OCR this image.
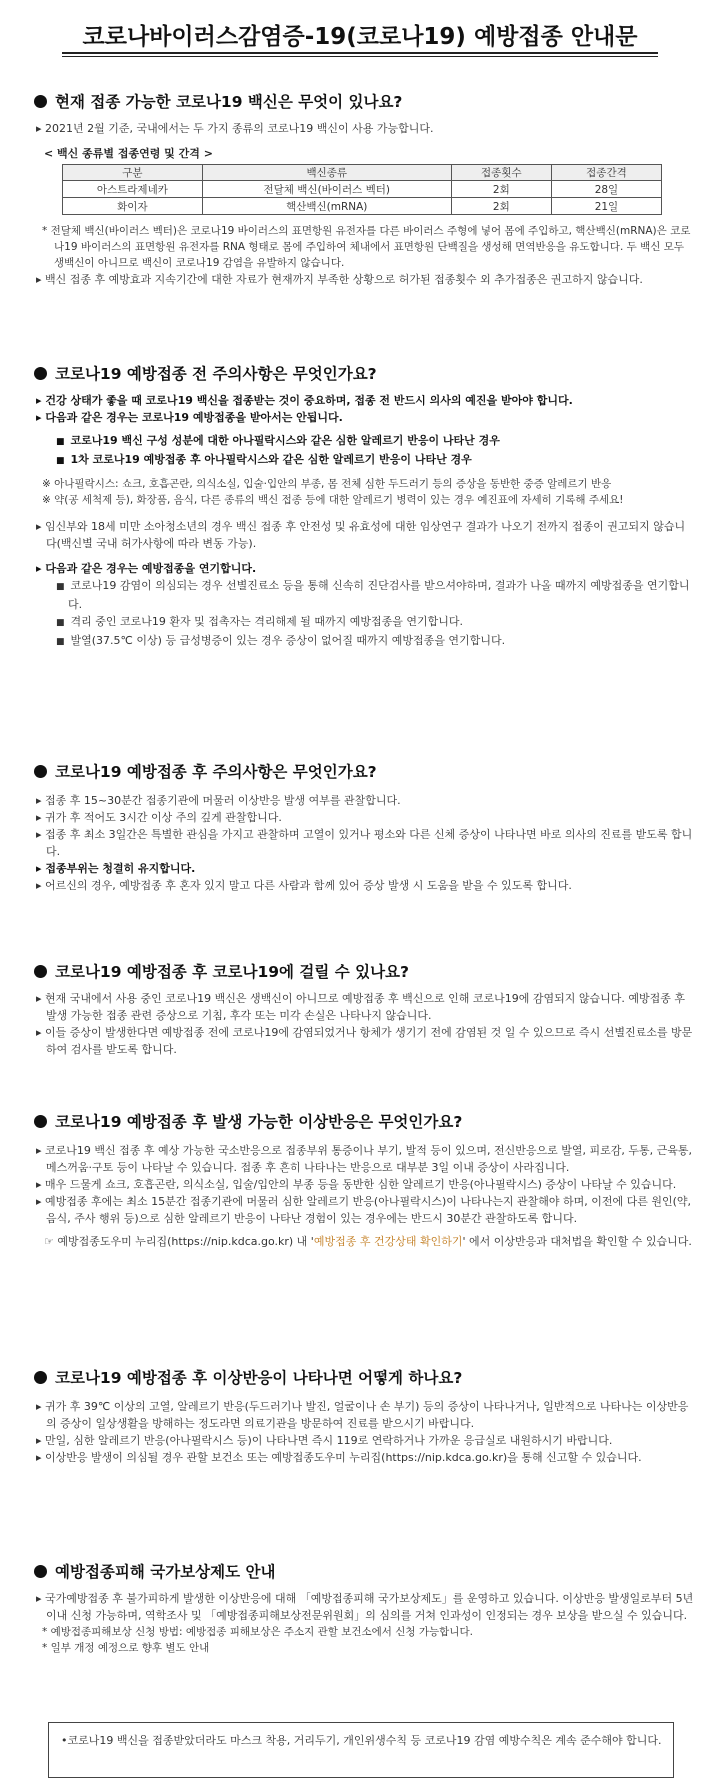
코로나바이러스감염증-19(코로나19) 예방접종 안내문
현재 접종 가능한 코로나19 백신은 무엇이 있나요?

▸ 2021년 2월 기준, 국내에서는 두 가지 종류의 코로나19 백신이 사용 가능합니다.

< 백신 종류별 접종연령 및 간격 >
구분	백신종류	접종횟수	접종간격
아스트라제네카	전달체 백신(바이러스 벡터)	2회	28일
화이자	핵산백신(mRNA)	2회	21일

* 전달체 백신(바이러스 벡터)은 코로나19 바이러스의 표면항원 유전자를 다른 바이러스 주형에 넣어 몸에 주입하고, 핵산백신(mRNA)은 코로나19 바이러스의 표면항원 유전자를 RNA 형태로 몸에 주입하여 체내에서 표면항원 단백질을 생성해 면역반응을 유도합니다. 두 백신 모두 생백신이 아니므로 백신이 코로나19 감염을 유발하지 않습니다.

▸ 백신 접종 후 예방효과 지속기간에 대한 자료가 현재까지 부족한 상황으로 허가된 접종횟수 외 추가접종은 권고하지 않습니다.

코로나19 예방접종 전 주의사항은 무엇인가요?

▸ 건강 상태가 좋을 때 코로나19 백신을 접종받는 것이 중요하며, 접종 전 반드시 의사의 예진을 받아야 합니다.

▸ 다음과 같은 경우는 코로나19 예방접종을 받아서는 안됩니다.

■ 코로나19 백신 구성 성분에 대한 아나필락시스와 같은 심한 알레르기 반응이 나타난 경우

■ 1차 코로나19 예방접종 후 아나필락시스와 같은 심한 알레르기 반응이 나타난 경우

※ 아나필락시스: 쇼크, 호흡곤란, 의식소실, 입술·입안의 부종, 몸 전체 심한 두드러기 등의 증상을 동반한 중증 알레르기 반응

※ 약(공 세척제 등), 화장품, 음식, 다른 종류의 백신 접종 등에 대한 알레르기 병력이 있는 경우 예진표에 자세히 기록해 주세요!

▸ 임신부와 18세 미만 소아청소년의 경우 백신 접종 후 안전성 및 유효성에 대한 임상연구 결과가 나오기 전까지 접종이 권고되지 않습니다(백신별 국내 허가사항에 따라 변동 가능).

▸ 다음과 같은 경우는 예방접종을 연기합니다.

■ 코로나19 감염이 의심되는 경우 선별진료소 등을 통해 신속히 진단검사를 받으셔야하며, 결과가 나올 때까지 예방접종을 연기합니다.

■ 격리 중인 코로나19 환자 및 접촉자는 격리해제 될 때까지 예방접종을 연기합니다.

■ 발열(37.5℃ 이상) 등 급성병증이 있는 경우 증상이 없어질 때까지 예방접종을 연기합니다.

코로나19 예방접종 후 주의사항은 무엇인가요?

▸ 접종 후 15~30분간 접종기관에 머물러 이상반응 발생 여부를 관찰합니다.

▸ 귀가 후 적어도 3시간 이상 주의 깊게 관찰합니다.

▸ 접종 후 최소 3일간은 특별한 관심을 가지고 관찰하며 고열이 있거나 평소와 다른 신체 증상이 나타나면 바로 의사의 진료를 받도록 합니다.

▸ 접종부위는 청결히 유지합니다.

▸ 어르신의 경우, 예방접종 후 혼자 있지 말고 다른 사람과 함께 있어 증상 발생 시 도움을 받을 수 있도록 합니다.

코로나19 예방접종 후 코로나19에 걸릴 수 있나요?

▸ 현재 국내에서 사용 중인 코로나19 백신은 생백신이 아니므로 예방접종 후 백신으로 인해 코로나19에 감염되지 않습니다. 예방접종 후 발생 가능한 접종 관련 증상으로 기침, 후각 또는 미각 손실은 나타나지 않습니다.

▸ 이들 증상이 발생한다면 예방접종 전에 코로나19에 감염되었거나 항체가 생기기 전에 감염된 것 일 수 있으므로 즉시 선별진료소를 방문하여 검사를 받도록 합니다.

코로나19 예방접종 후 발생 가능한 이상반응은 무엇인가요?

▸ 코로나19 백신 접종 후 예상 가능한 국소반응으로 접종부위 통증이나 부기, 발적 등이 있으며, 전신반응으로 발열, 피로감, 두통, 근육통, 메스꺼움·구토 등이 나타날 수 있습니다. 접종 후 흔히 나타나는 반응으로 대부분 3일 이내 증상이 사라집니다.

▸ 매우 드물게 쇼크, 호흡곤란, 의식소실, 입술/입안의 부종 등을 동반한 심한 알레르기 반응(아나필락시스) 증상이 나타날 수 있습니다.

▸ 예방접종 후에는 최소 15분간 접종기관에 머물러 심한 알레르기 반응(아나필락시스)이 나타나는지 관찰해야 하며, 이전에 다른 원인(약, 음식, 주사 행위 등)으로 심한 알레르기 반응이 나타난 경험이 있는 경우에는 반드시 30분간 관찰하도록 합니다.

☞ 예방접종도우미 누리집(https://nip.kdca.go.kr) 내 '예방접종 후 건강상태 확인하기' 에서 이상반응과 대처법을 확인할 수 있습니다.

코로나19 예방접종 후 이상반응이 나타나면 어떻게 하나요?

▸ 귀가 후 39℃ 이상의 고열, 알레르기 반응(두드러기나 발진, 얼굴이나 손 부기) 등의 증상이 나타나거나, 일반적으로 나타나는 이상반응의 증상이 일상생활을 방해하는 정도라면 의료기관을 방문하여 진료를 받으시기 바랍니다.

▸ 만일, 심한 알레르기 반응(아나필락시스 등)이 나타나면 즉시 119로 연락하거나 가까운 응급실로 내원하시기 바랍니다.

▸ 이상반응 발생이 의심될 경우 관할 보건소 또는 예방접종도우미 누리집(https://nip.kdca.go.kr)을 통해 신고할 수 있습니다.

예방접종피해 국가보상제도 안내

▸ 국가예방접종 후 불가피하게 발생한 이상반응에 대해 「예방접종피해 국가보상제도」를 운영하고 있습니다. 이상반응 발생일로부터 5년 이내 신청 가능하며, 역학조사 및 「예방접종피해보상전문위원회」의 심의를 거쳐 인과성이 인정되는 경우 보상을 받으실 수 있습니다.

* 예방접종피해보상 신청 방법: 예방접종 피해보상은 주소지 관할 보건소에서 신청 가능합니다.

* 일부 개정 예정으로 향후 별도 안내

•코로나19 백신을 접종받았더라도 마스크 착용, 거리두기, 개인위생수칙 등 코로나19 감염 예방수칙은 계속 준수해야 합니다.
